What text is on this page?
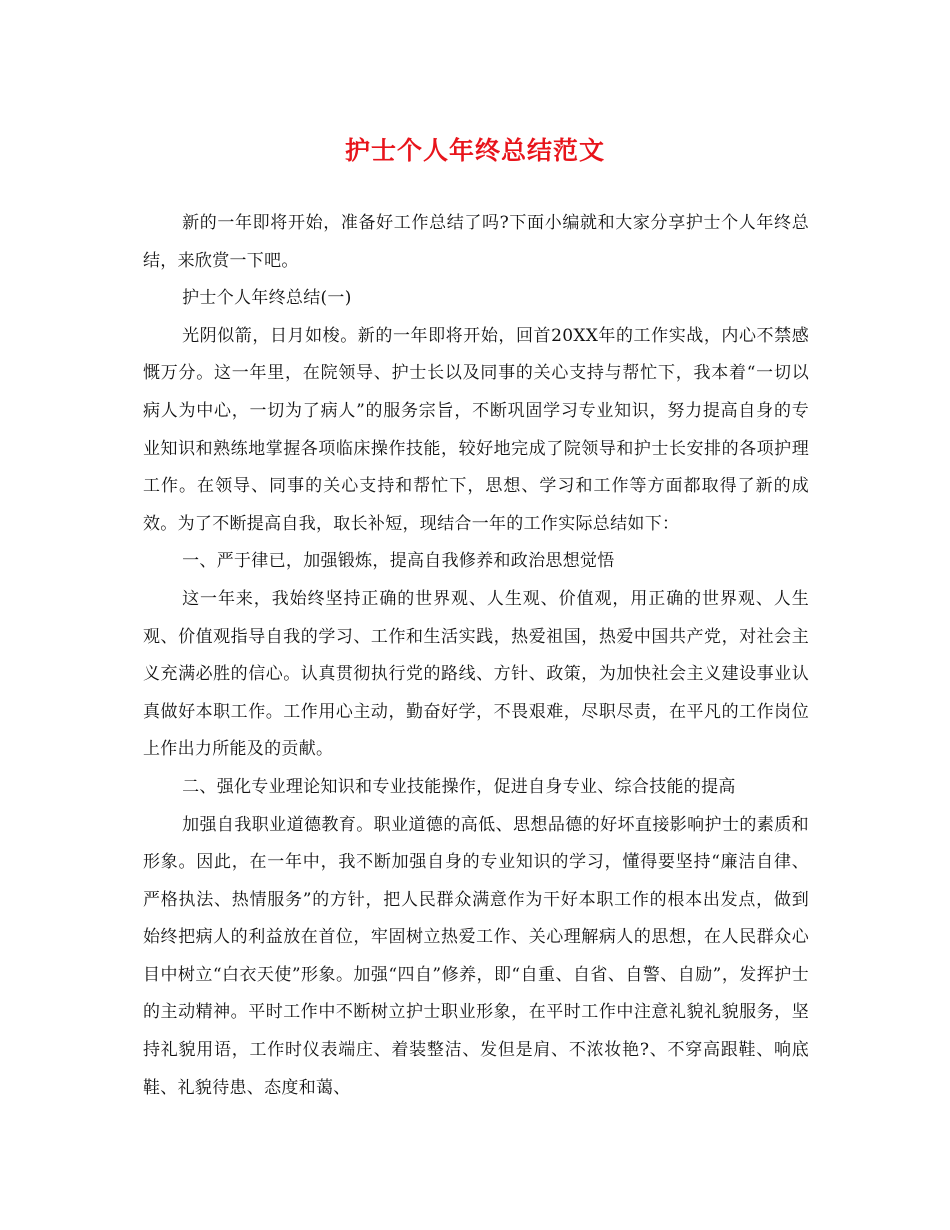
护士个人年终总结范文

新的一年即将开始，准备好工作总结了吗?下面小编就和大家分享护士个人年终总结，来欣赏一下吧。

护士个人年终总结(一)

光阴似箭，日月如梭。新的一年即将开始，回首20XX年的工作实战，内心不禁感慨万分。这一年里，在院领导、护士长以及同事的关心支持与帮忙下，我本着“一切以病人为中心，一切为了病人”的服务宗旨，不断巩固学习专业知识，努力提高自身的专业知识和熟练地掌握各项临床操作技能，较好地完成了院领导和护士长安排的各项护理工作。在领导、同事的关心支持和帮忙下，思想、学习和工作等方面都取得了新的成效。为了不断提高自我，取长补短，现结合一年的工作实际总结如下：

一、严于律已，加强锻炼，提高自我修养和政治思想觉悟

这一年来，我始终坚持正确的世界观、人生观、价值观，用正确的世界观、人生观、价值观指导自我的学习、工作和生活实践，热爱祖国，热爱中国共产党，对社会主义充满必胜的信心。认真贯彻执行党的路线、方针、政策，为加快社会主义建设事业认真做好本职工作。工作用心主动，勤奋好学，不畏艰难，尽职尽责，在平凡的工作岗位上作出力所能及的贡献。

二、强化专业理论知识和专业技能操作，促进自身专业、综合技能的提高

加强自我职业道德教育。职业道德的高低、思想品德的好坏直接影响护士的素质和形象。因此，在一年中，我不断加强自身的专业知识的学习，懂得要坚持“廉洁自律、严格执法、热情服务”的方针，把人民群众满意作为干好本职工作的根本出发点，做到始终把病人的利益放在首位，牢固树立热爱工作、关心理解病人的思想，在人民群众心目中树立“白衣天使”形象。加强“四自”修养，即“自重、自省、自警、自励”，发挥护士的主动精神。平时工作中不断树立护士职业形象，在平时工作中注意礼貌礼貌服务，坚持礼貌用语，工作时仪表端庄、着装整洁、发但是肩、不浓妆艳?、不穿高跟鞋、响底鞋、礼貌待患、态度和蔼、
